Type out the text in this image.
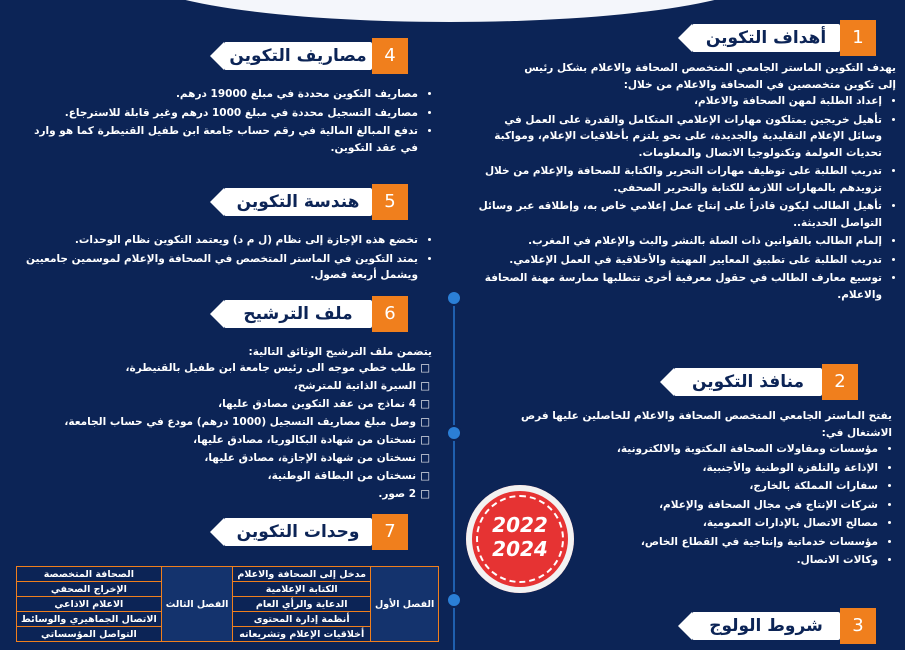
أهداف التكوين	1

يهدف التكوين الماستر الجامعي المتخصص الصحافة والاعلام بشكل رئيس

إلى تكوين متخصصين في الصحافة والاعلام من خلال:

• إعداد الطلبة لمهن الصحافة والاعلام،
• تأهيل خريجين يمتلكون مهارات الإعلامي المتكامل والقدرة على العمل في وسائل الإعلام التقليدية والجديدة، على نحو يلتزم بأخلاقيات الإعلام، ومواكبة تحديات العولمة وتكنولوجيا الاتصال والمعلومات.
• تدريب الطلبة على توظيف مهارات التحرير والكتابة للصحافة والإعلام من خلال تزويدهم بالمهارات اللازمة للكتابة والتحرير الصحفي.
• تأهيل الطالب ليكون قادراً على إنتاج عمل إعلامي خاص به، وإطلاقه عبر وسائل التواصل الحديثة..
• إلمام الطالب بالقوانين ذات الصلة بالنشر والبث والإعلام في المغرب.
• تدريب الطلبة على تطبيق المعايير المهنية والأخلاقية في العمل الإعلامي.
• توسيع معارف الطالب في حقول معرفية أخرى تتطلبها ممارسة مهنة الصحافة والاعلام.
منافذ التكوين	2

يفتح الماستر الجامعي المتخصص الصحافة والاعلام للحاصلين عليها فرص الاشتغال في:

• مؤسسات ومقاولات الصحافة المكتوبة والالكترونية،
• الإذاعة والتلفزة الوطنية والأجنبية،
• سفارات المملكة بالخارج،
• شركات الإنتاج في مجال الصحافة والإعلام،
• مصالح الاتصال بالإدارات العمومية،
• مؤسسات خدماتية وإنتاجية في القطاع الخاص،
• وكالات الاتصال.
شروط الولوج	3
2022
2024
مصاريف التكوين 4
• مصاريف التكوين محددة في مبلغ 19000 درهم.
• مصاريف التسجيل محددة في مبلغ 1000 درهم وغير قابلة للاسترجاع.
• تدفع المبالغ المالية في رقم حساب جامعة ابن طفيل القنيطرة كما هو وارد في عقد التكوين.
هندسة التكوين	5
• تخضع هذه الإجازة إلى نظام (ل م د) ويعتمد التكوين نظام الوحدات.
• يمتد التكوين في الماستر المتخصص في الصحافة والإعلام لموسمين جامعيين ويشمل أربعة فصول.
ملف الترشيح	6

يتضمن ملف الترشيح الوثائق التالية:

□ طلب خطي موجه الى رئيس جامعة ابن طفيل بالقنيطرة،
□ السيرة الذاتية للمترشح،
□ 4 نماذج من عقد التكوين مصادق عليها،
□ وصل مبلغ مصاريف التسجيل (1000 درهم) مودع في حساب الجامعة،
□ نسختان من شهادة البكالوريا، مصادق عليها،
□ نسختان من شهادة الإجازة، مصادق عليها،
□ نسختان من البطاقة الوطنية،
□ 2 صور.
وحدات التكوين	7
الفصل الأول	مدخل إلى الصحافة والاعلام	الفصل الثالث	الصحافة المتخصصة
	الكتابة الإعلامية		الإخراج الصحفي
	الدعاية والرأي العام		الاعلام الاذاعي
	أنظمة إدارة المحتوى		الاتصال الجماهيري والوسائط
	أخلاقيات الإعلام وتشريعاته		التواصل المؤسساتي
